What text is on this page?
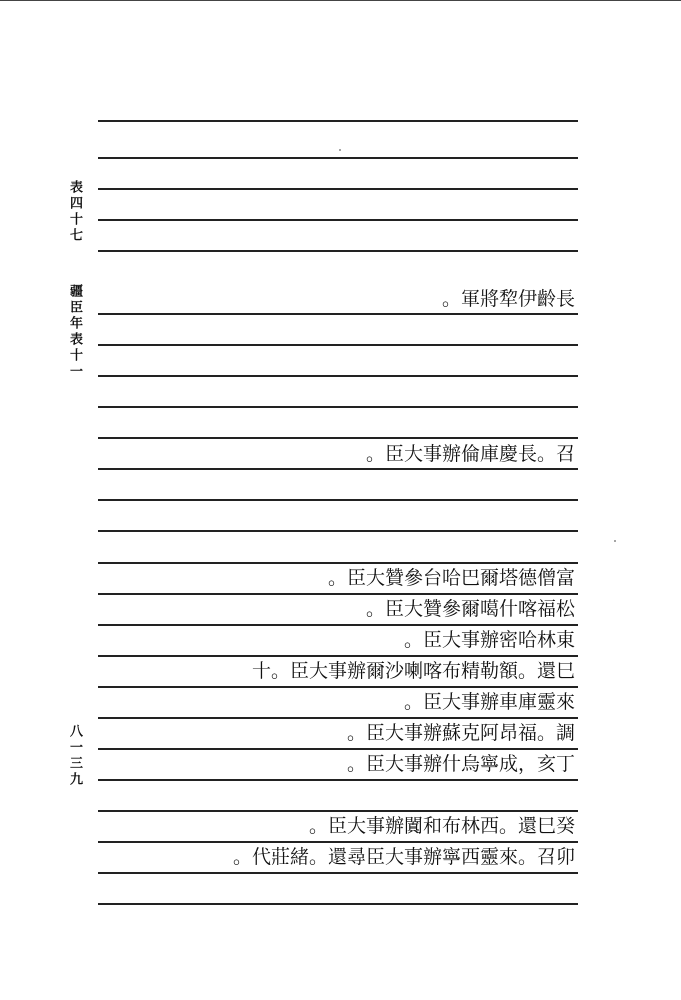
表四十七
疆臣年表十一
八一三九
長齡伊犂將軍。
召。長慶庫倫辦事大臣。
富僧德塔爾巴哈台參贊大臣。
松福喀什噶爾參贊大臣。
東林哈密辦事大臣。
巳還。額勒精布喀喇沙爾辦事大臣。十
來靈庫車辦事大臣。
調。福昂阿克蘇辦事大臣。
丁亥，成寧烏什辦事大臣。
癸巳還。西林布和闐辦事大臣。
卯召。來靈西寧辦事大臣尋還。緒莊代。
